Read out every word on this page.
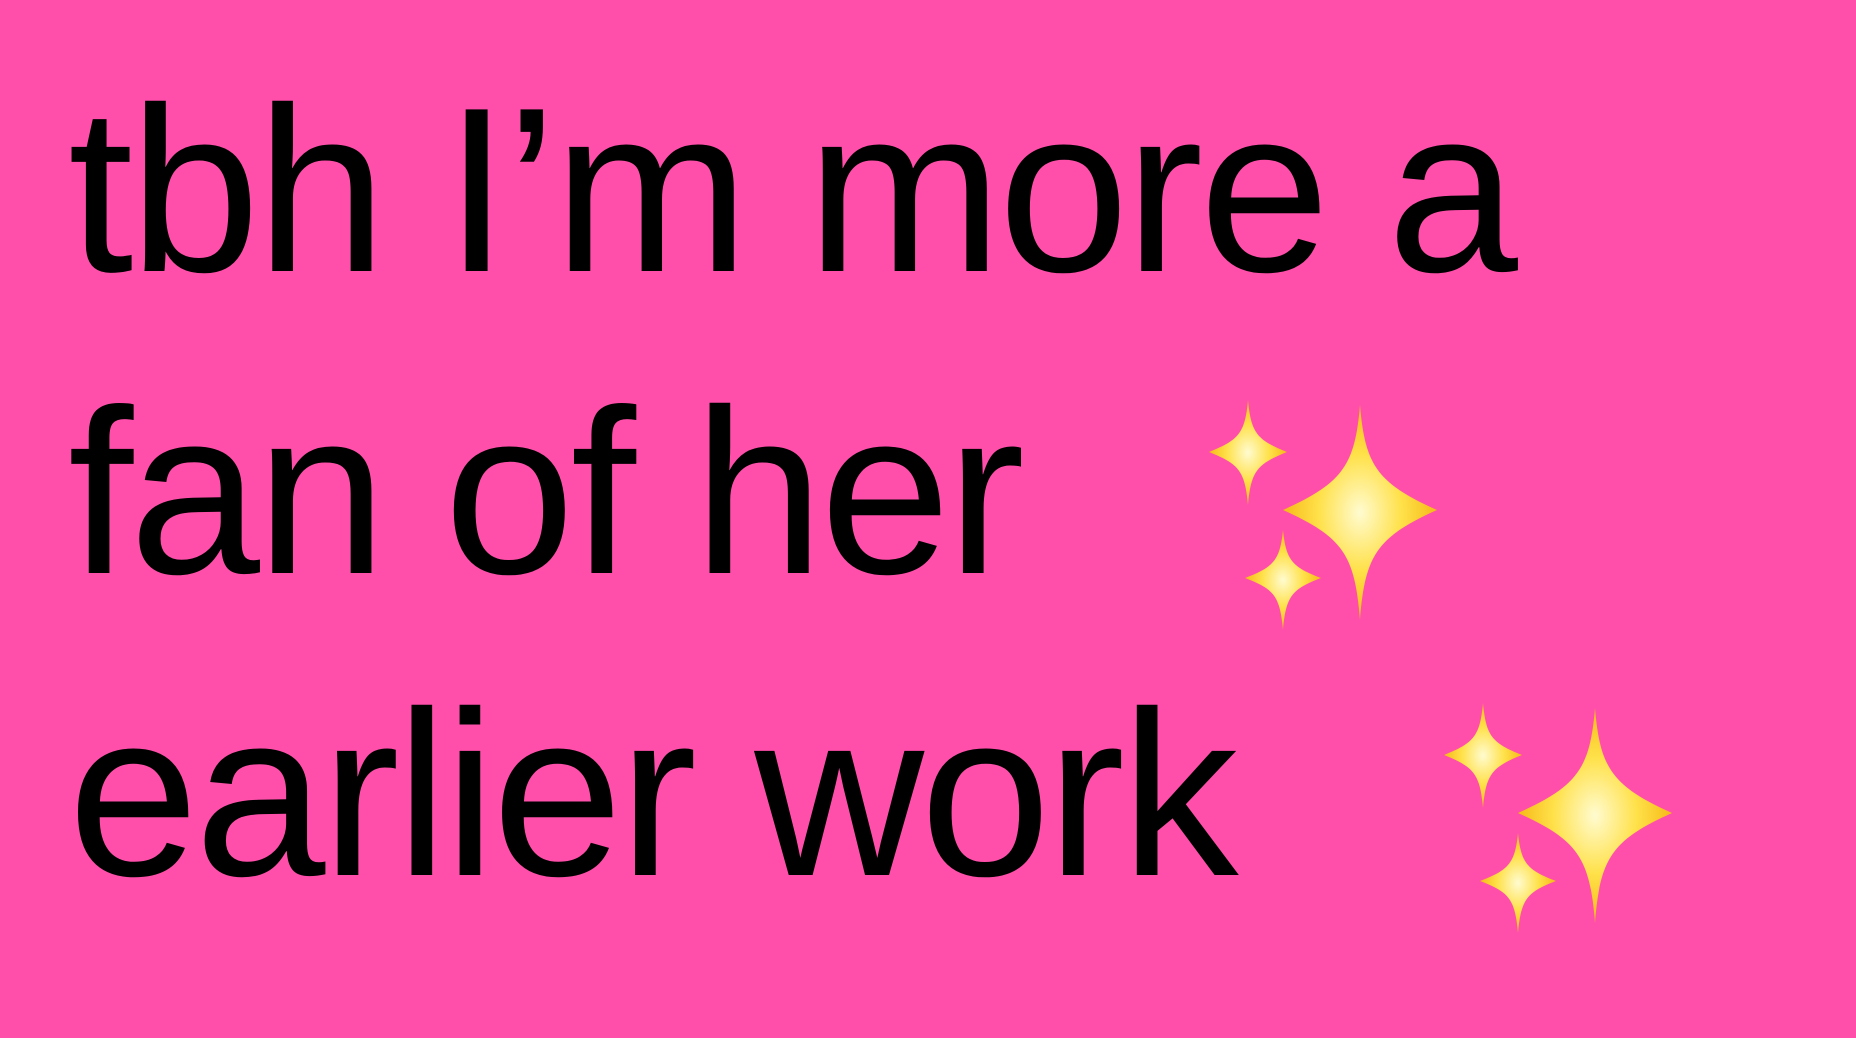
tbh I’m more a

fan of her

earlier work
